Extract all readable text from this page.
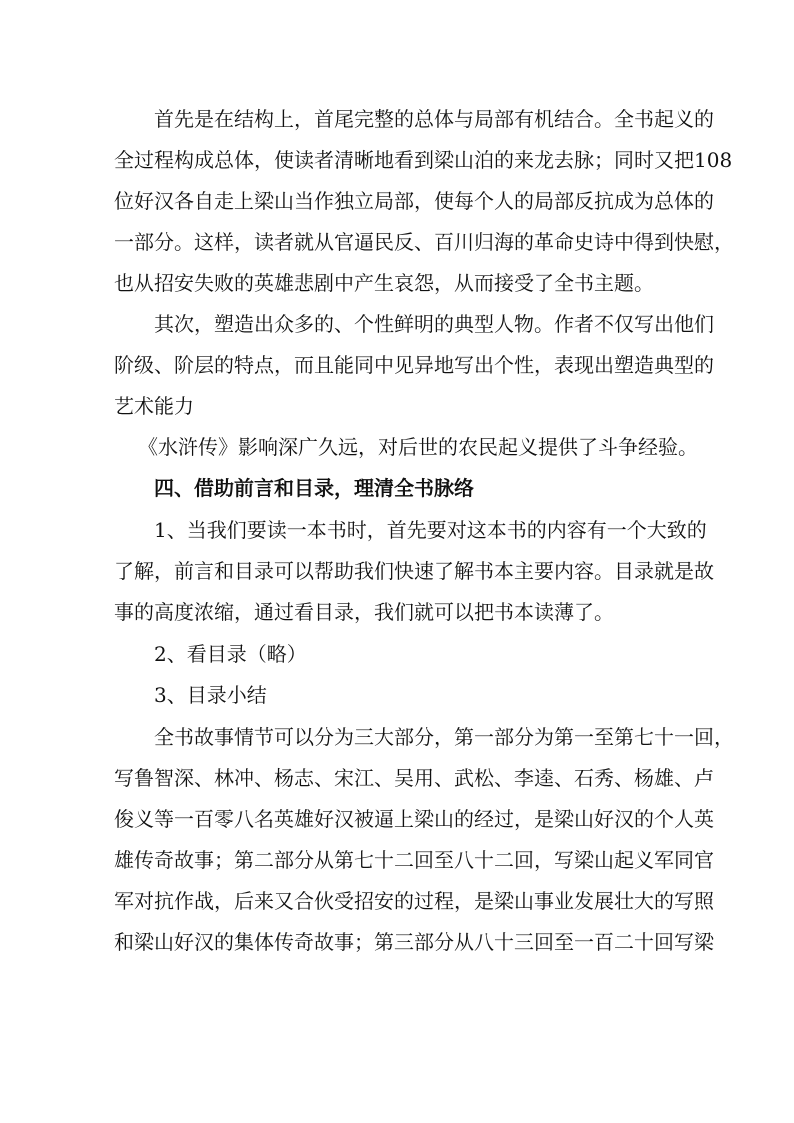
首先是在结构上，首尾完整的总体与局部有机结合。全书起义的
全过程构成总体，使读者清晰地看到梁山泊的来龙去脉；同时又把108
位好汉各自走上梁山当作独立局部，使每个人的局部反抗成为总体的
一部分。这样，读者就从官逼民反、百川归海的革命史诗中得到快慰，
也从招安失败的英雄悲剧中产生哀怨，从而接受了全书主题。
其次，塑造出众多的、个性鲜明的典型人物。作者不仅写出他们
阶级、阶层的特点，而且能同中见异地写出个性，表现出塑造典型的
艺术能力
《水浒传》影响深广久远，对后世的农民起义提供了斗争经验。
四、借助前言和目录，理清全书脉络
1、当我们要读一本书时，首先要对这本书的内容有一个大致的
了解，前言和目录可以帮助我们快速了解书本主要内容。目录就是故
事的高度浓缩，通过看目录，我们就可以把书本读薄了。
2、看目录（略）
3、目录小结
全书故事情节可以分为三大部分，第一部分为第一至第七十一回，
写鲁智深、林冲、杨志、宋江、吴用、武松、李逵、石秀、杨雄、卢
俊义等一百零八名英雄好汉被逼上梁山的经过，是梁山好汉的个人英
雄传奇故事；第二部分从第七十二回至八十二回，写梁山起义军同官
军对抗作战，后来又合伙受招安的过程，是梁山事业发展壮大的写照
和梁山好汉的集体传奇故事；第三部分从八十三回至一百二十回写梁
